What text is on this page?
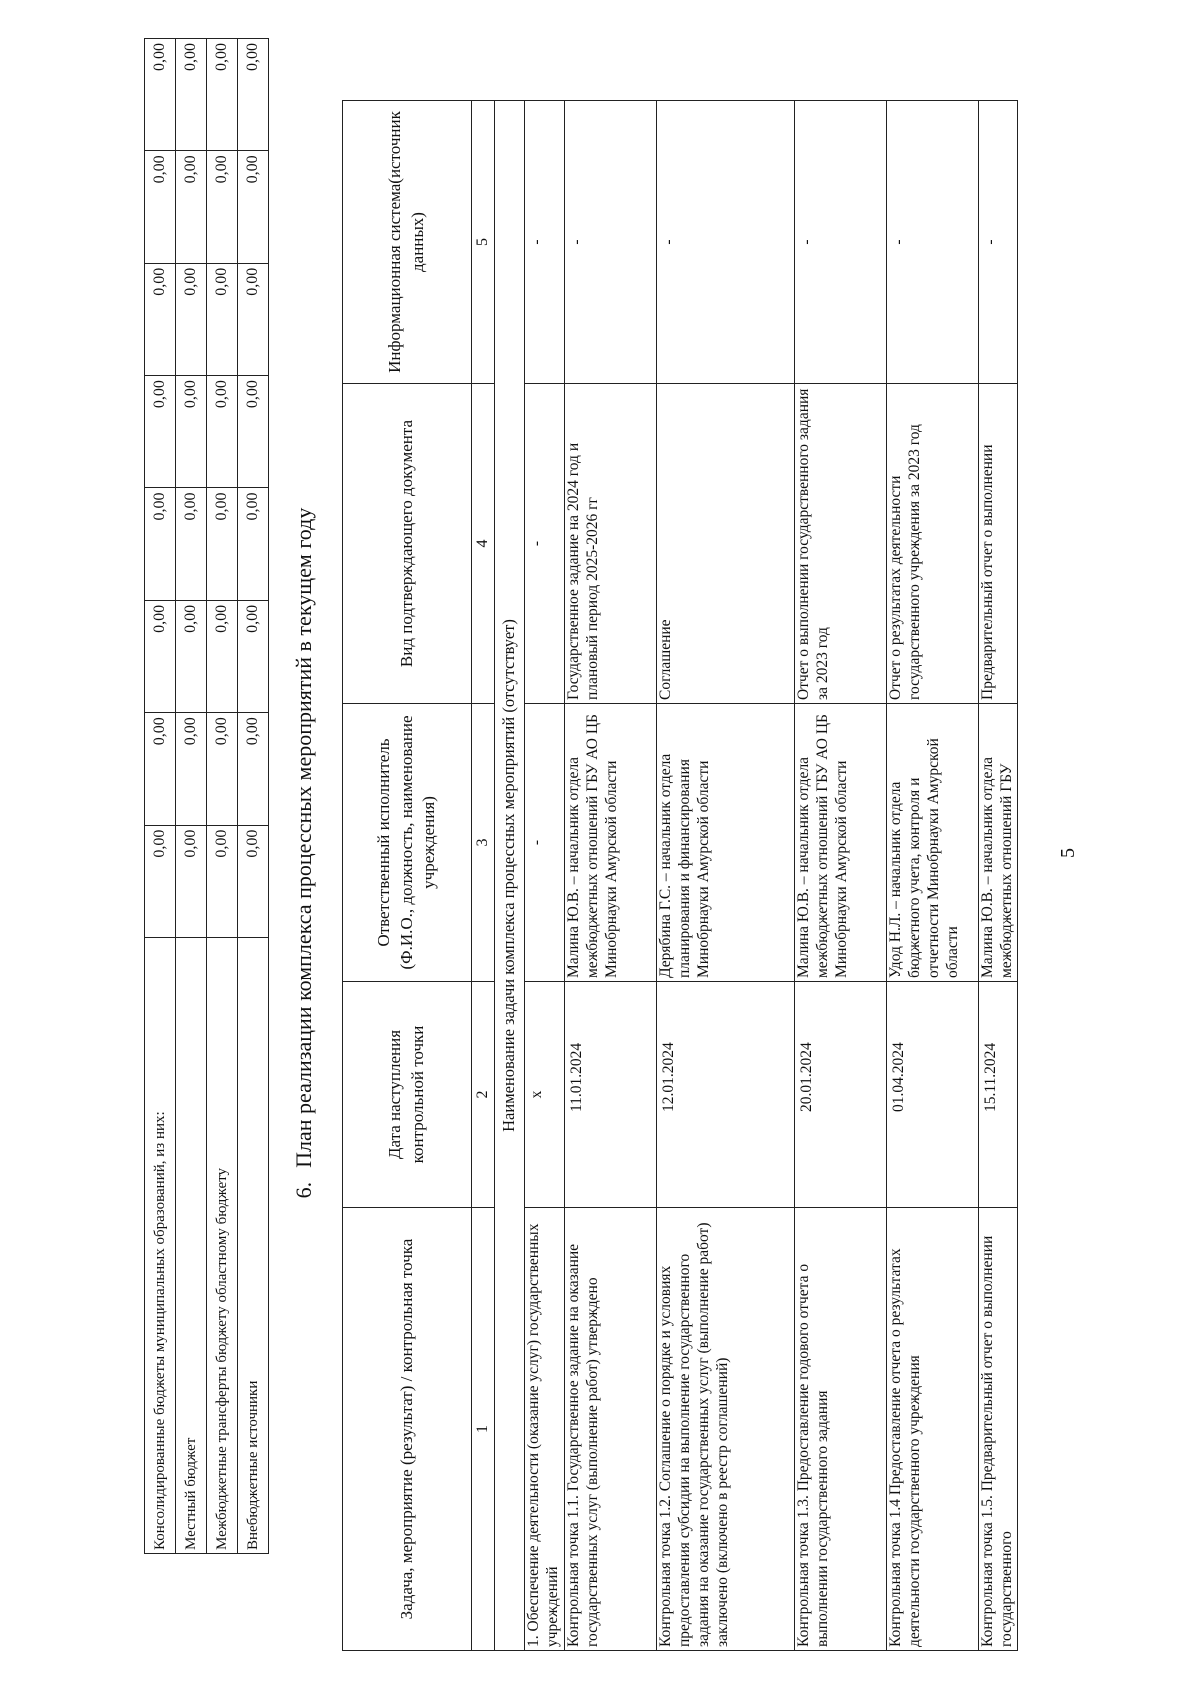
5
Консолидированные бюджеты муниципальных образований, из них:	0,00	0,00	0,00	0,00	0,00	0,00	0,00	0,00
Местный бюджет	0,00	0,00	0,00	0,00	0,00	0,00	0,00	0,00
Межбюджетные трансферты бюджету областному бюджету	0,00	0,00	0,00	0,00	0,00	0,00	0,00	0,00
Внебюджетные источники	0,00	0,00	0,00	0,00	0,00	0,00	0,00	0,00
6.План реализации комплекса процессных мероприятий в текущем году
Задача, мероприятие (результат) / контрольная точка	Дата наступления контрольной точки	Ответственный исполнитель (Ф.И.О., должность, наименование учреждения)	Вид подтверждающего документа	Информационная система(источник данных)
1	2	3	4	5
Наименование задачи комплекса процессных мероприятий (отсутствует)				
1. Обеспечение деятельности (оказание услуг) государственных учреждений	х	-	-	-
Контрольная точка 1.1. Государственное задание на оказание государственных услуг (выполнение работ) утверждено	11.01.2024	Малина Ю.В. – начальник отдела межбюджетных отношений ГБУ АО ЦБ Минобрнауки Амурской области	Государственное задание на 2024 год и плановый период 2025-2026 гг	-
Контрольная точка 1.2. Соглашение о порядке и условиях предоставления субсидии на выполнение государственного задания на оказание государственных услуг (выполнение работ) заключено (включено в реестр соглашений)	12.01.2024	Дерябина Г.С. – начальник отдела планирования и финансирования Минобрнауки Амурской области	Соглашение	-
Контрольная точка 1.3. Предоставление годового отчета о выполнении государственного задания	20.01.2024	Малина Ю.В. – начальник отдела межбюджетных отношений ГБУ АО ЦБ Минобрнауки Амурской области	Отчет о выполнении государственного задания за 2023 год	-
Контрольная точка 1.4 Предоставление отчета о результатах деятельности государственного учреждения	01.04.2024	Удод Н.Л. – начальник отдела бюджетного учета, контроля и отчетности Минобрнауки Амурской области	Отчет о результатах деятельности государственного учреждения за 2023 год	-
Контрольная точка 1.5. Предварительный отчет о выполнении государственного	15.11.2024	Малина Ю.В. – начальник отдела межбюджетных отношений ГБУ	Предварительный отчет о выполнении	-
